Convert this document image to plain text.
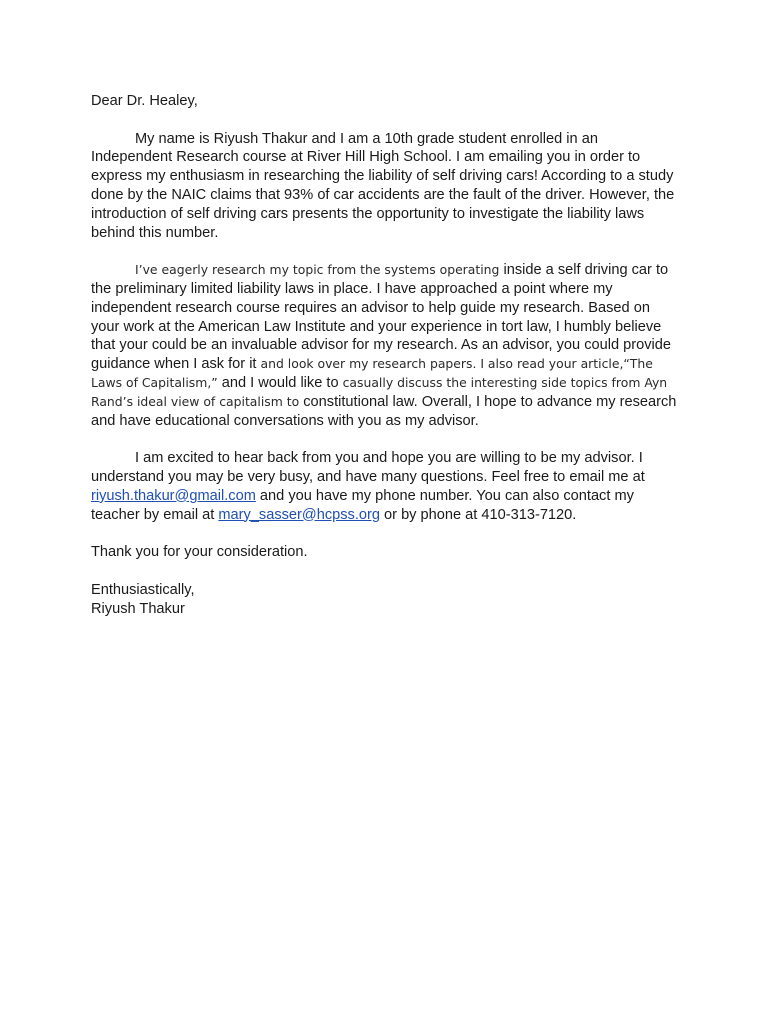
Dear Dr. Healey,

My name is Riyush Thakur and I am a 10th grade student enrolled in an Independent Research course at River Hill High School. I am emailing you in order to express my enthusiasm in researching the liability of self driving cars! According to a study done by the NAIC claims that 93% of car accidents are the fault of the driver. However, the introduction of self driving cars presents the opportunity to investigate the liability laws behind this number.

I’ve eagerly research my topic from the systems operating inside a self driving car to the preliminary limited liability laws in place. I have approached a point where my independent research course requires an advisor to help guide my research. Based on your work at the American Law Institute and your experience in tort law, I humbly believe that your could be an invaluable advisor for my research. As an advisor, you could provide guidance when I ask for it and look over my research papers. I also read your article,“The Laws of Capitalism,” and I would like to casually discuss the interesting side topics from Ayn Rand’s ideal view of capitalism to constitutional law. Overall, I hope to advance my research and have educational conversations with you as my advisor.

I am excited to hear back from you and hope you are willing to be my advisor. I understand you may be very busy, and have many questions. Feel free to email me at riyush.thakur@gmail.com and you have my phone number. You can also contact my teacher by email at mary_sasser@hcpss.org or by phone at 410-313-7120.

Thank you for your consideration.

Enthusiastically,

Riyush Thakur
